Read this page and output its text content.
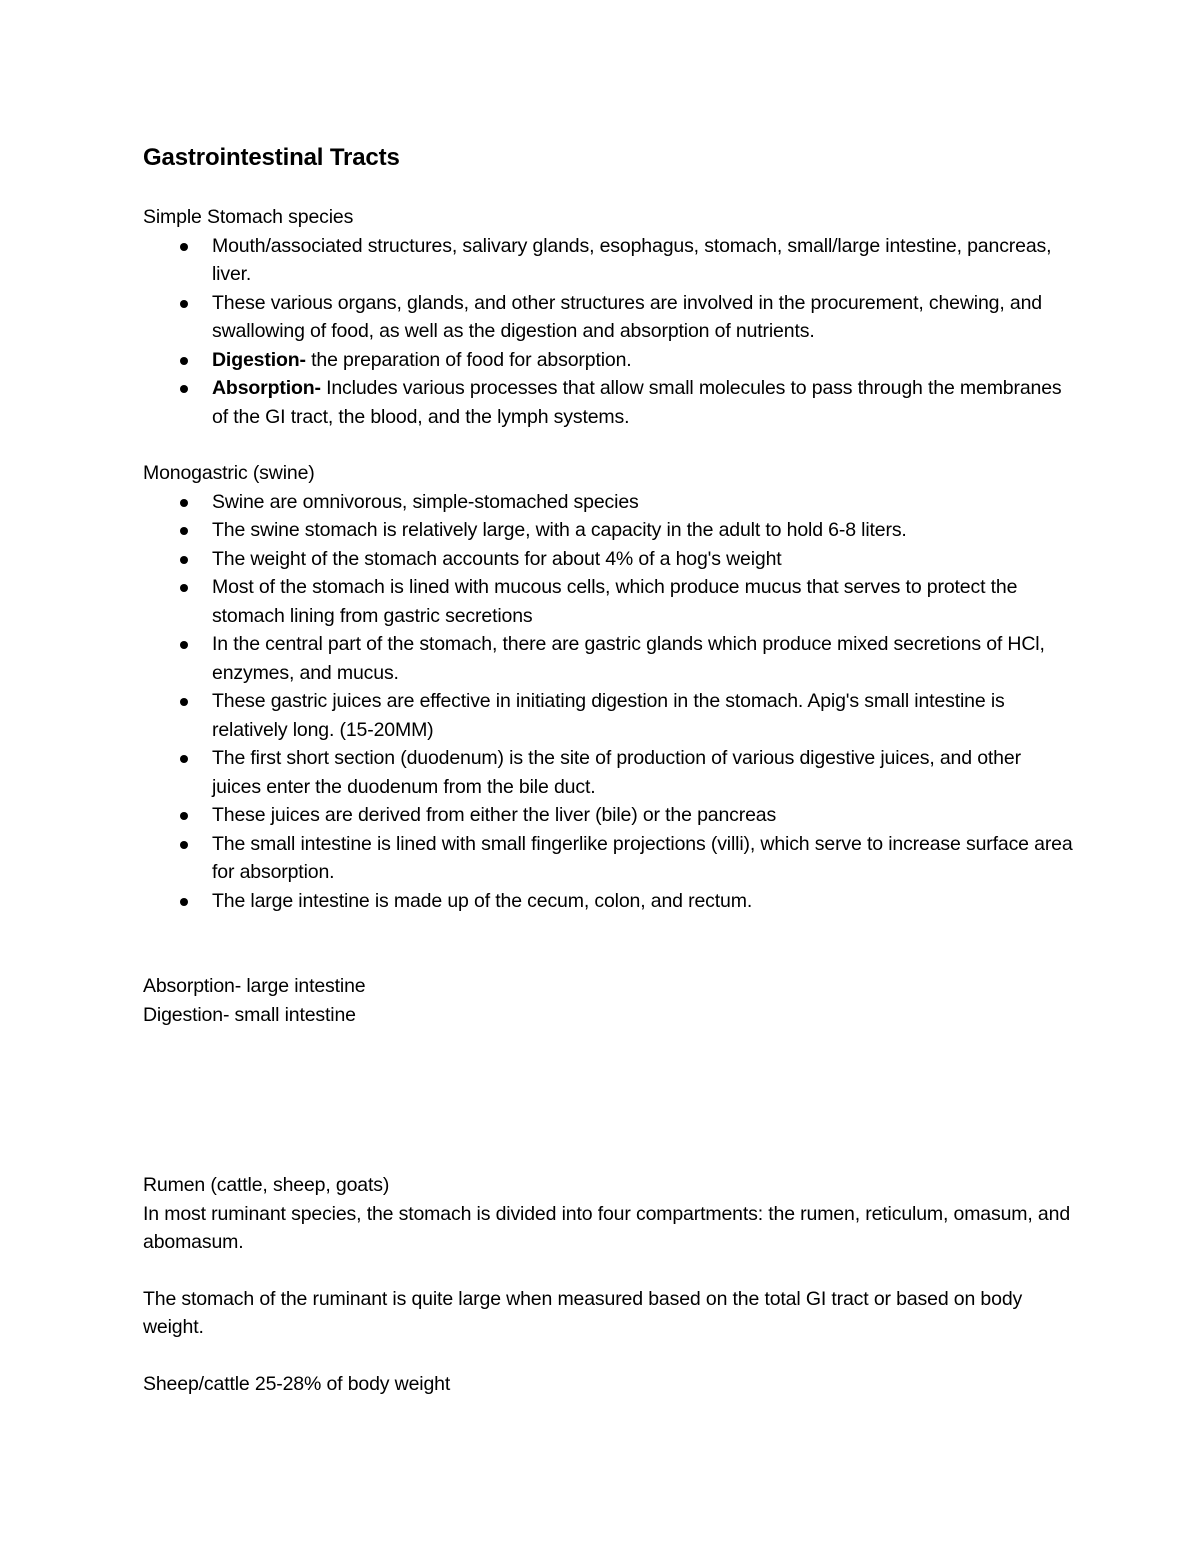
Gastrointestinal Tracts

Simple Stomach species

Mouth/associated structures, salivary glands, esophagus, stomach, small/large intestine, pancreas, liver.
These various organs, glands, and other structures are involved in the procurement, chewing, and swallowing of food, as well as the digestion and absorption of nutrients.
Digestion- the preparation of food for absorption.
Absorption- Includes various processes that allow small molecules to pass through the membranes of the GI tract, the blood, and the lymph systems.

Monogastric (swine)

Swine are omnivorous, simple-stomached species
The swine stomach is relatively large, with a capacity in the adult to hold 6-8 liters.
The weight of the stomach accounts for about 4% of a hog's weight
Most of the stomach is lined with mucous cells, which produce mucus that serves to protect the stomach lining from gastric secretions
In the central part of the stomach, there are gastric glands which produce mixed secretions of HCl, enzymes, and mucus.
These gastric juices are effective in initiating digestion in the stomach. Apig's small intestine is relatively long. (15-20MM)
The first short section (duodenum) is the site of production of various digestive juices, and other juices enter the duodenum from the bile duct.
These juices are derived from either the liver (bile) or the pancreas
The small intestine is lined with small fingerlike projections (villi), which serve to increase surface area for absorption.
The large intestine is made up of the cecum, colon, and rectum.

Absorption- large intestine

Digestion- small intestine

Rumen (cattle, sheep, goats)

In most ruminant species, the stomach is divided into four compartments: the rumen, reticulum, omasum, and abomasum.

The stomach of the ruminant is quite large when measured based on the total GI tract or based on body weight.

Sheep/cattle 25-28% of body weight
